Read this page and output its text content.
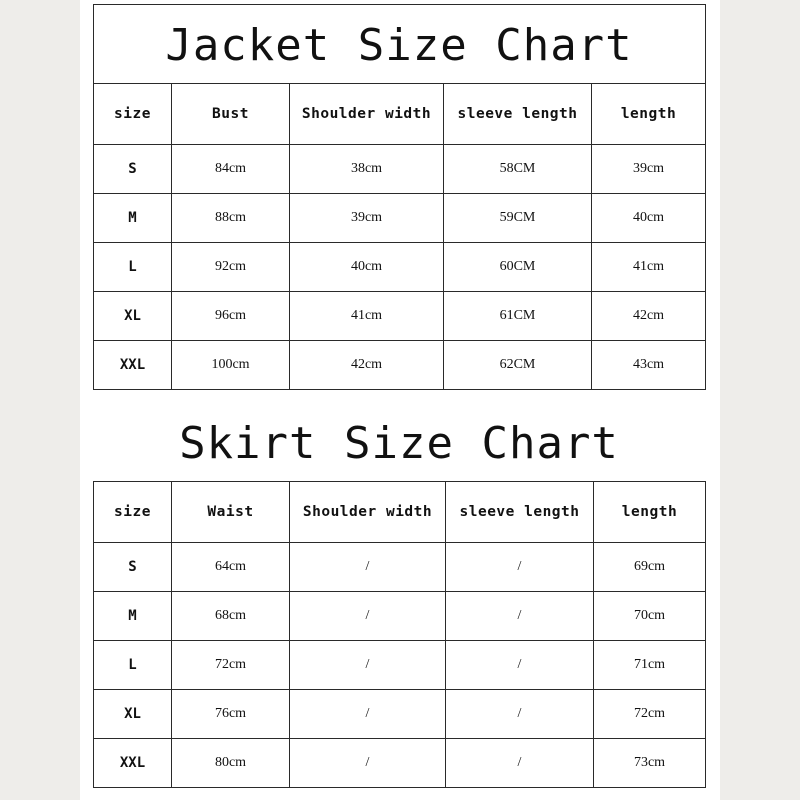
size	Bust	Shoulder width	sleeve length	length
S	84cm	38cm	58CM	39cm
M	88cm	39cm	59CM	40cm
L	92cm	40cm	60CM	41cm
XL	96cm	41cm	61CM	42cm
XXL	100cm	42cm	62CM	43cm
Jacket Size Chart
Skirt Size Chart
size	Waist	Shoulder width	sleeve length	length
S	64cm	/	/	69cm
M	68cm	/	/	70cm
L	72cm	/	/	71cm
XL	76cm	/	/	72cm
XXL	80cm	/	/	73cm
